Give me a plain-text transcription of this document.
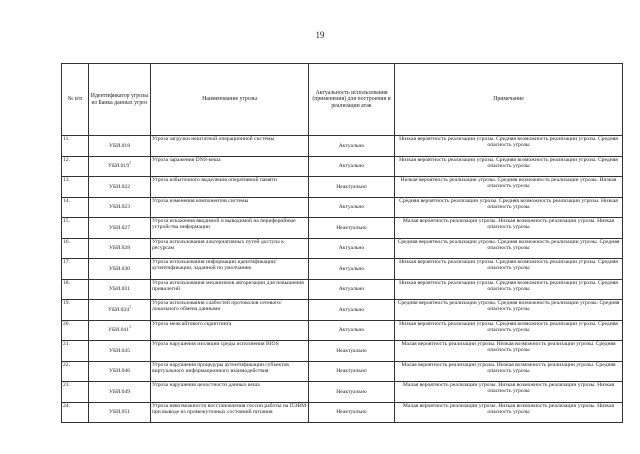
19
№ п/п	Идентификатор угрозы из Банка данных угроз	Наименование угрозы	Актуальность использования (применения) для построения и реализации атак	Примечание
11.	УБИ.018	Угроза загрузки нештатной операционной системы	Актуально	Низкая вероятность реализации угрозы. Средняя возможность реализации угрозы. Средняя опасность угрозы
12.	УБИ.019$^1$	Угроза заражения DNS-кеша	Актуально	Низкая вероятность реализации угрозы. Средняя возможность реализации угрозы. Средняя опасность угрозы
13.	УБИ.022	Угроза избыточного выделения оперативной памяти	Неактуально	Низкая вероятность реализации угрозы. Средняя возможность реализации угрозы. Низкая опасность угрозы
14.	УБИ.023	Угроза изменения компонентов системы	Актуально	Средняя вероятность реализации угрозы. Средняя возможность реализации угрозы. Низкая опасность угрозы
15.	УБИ.027	Угроза искажения вводимой и выводимой на периферийные устройства информации	Неактуально	Малая вероятность реализации угрозы. Низкая возможность реализации угрозы. Низкая опасность угрозы
16.	УБИ.028	Угроза использования альтернативных путей доступа к ресурсам	Актуально	Средняя вероятность реализации угрозы. Средняя возможность реализации угрозы. Средняя опасность угрозы
17.	УБИ.030	Угроза использования информации идентификации/аутентификации, заданной по умолчанию	Актуально	Низкая вероятность реализации угрозы. Средняя возможность реализации угрозы. Средняя опасность угрозы
18.	УБИ.031	Угроза использования механизмов авторизации для повышения привилегий	Актуально	Низкая вероятность реализации угрозы. Средняя возможность реализации угрозы. Средняя опасность угрозы
19.	УБИ.034$^1$	Угроза использования слабостей протоколов сетевого/локального обмена данными	Актуально	Средняя вероятность реализации угрозы. Средняя возможность реализации угрозы. Средняя опасность угрозы
20.	УБИ.041$^1$	Угроза межсайтового скриптинга	Актуально	Низкая вероятность реализации угрозы. Средняя возможность реализации угрозы. Средняя опасность угрозы
21.	УБИ.045	Угроза нарушения изоляции среды исполнения BIOS	Неактуально	Малая вероятность реализации угрозы. Низкая возможность реализации угрозы. Средняя опасность угрозы
22.	УБИ.046	Угроза нарушения процедуры аутентификации субъектов виртуального информационного взаимодействия	Неактуально	Малая вероятность реализации угрозы. Низкая возможность реализации угрозы. Средняя опасность угрозы
23.	УБИ.049	Угроза нарушения целостности данных кеша	Неактуально	Малая вероятность реализации угрозы. Низкая возможность реализации угрозы. Низкая опасность угрозы
24.	УБИ.051	Угроза невозможности восстановления сессии работы на ПЭВМ при выводе из промежуточных состояний питания	Неактуально	Малая вероятность реализации угрозы. Низкая возможность реализации угрозы. Низкая опасность угрозы
